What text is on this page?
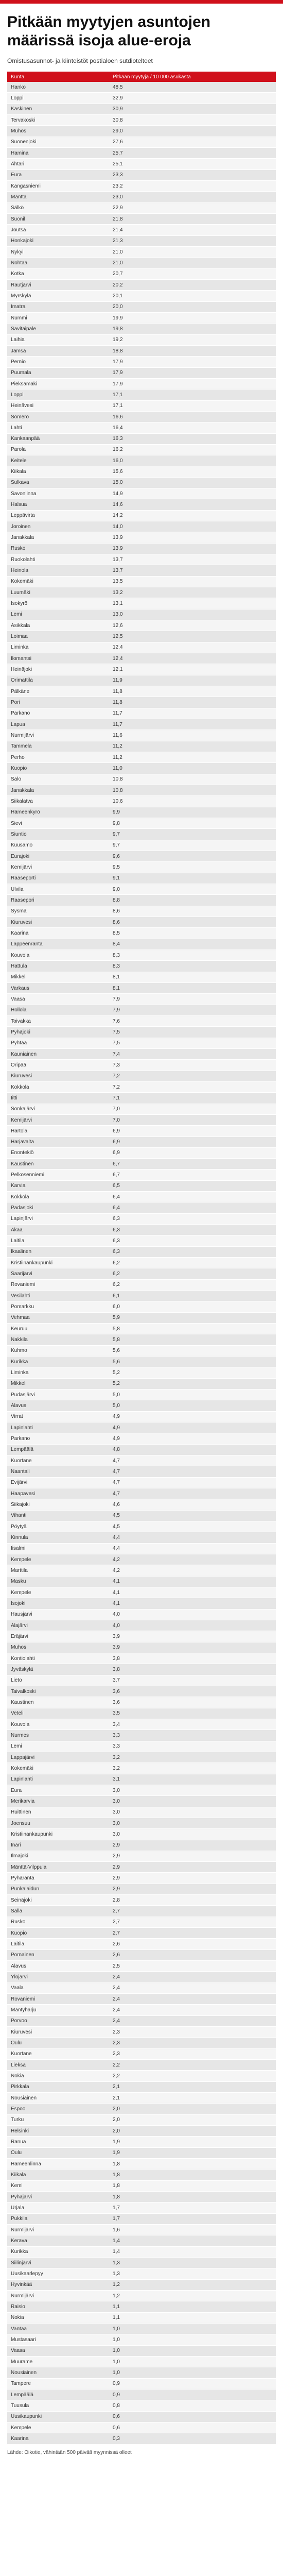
Pitkään myytyjen asuntojen määrissä isoja alue-eroja
Omistusasunnot- ja kiinteistöt postialoen sutdiotelteet
Kunta	Pitkään myytyjä / 10 000 asukasta
Hanko	48,5
Loppi	32,9
Kaskinen	30,9
Tervakoski	30,8
Muhos	29,0
Suonenjoki	27,6
Hamina	25,7
Ähtäri	25,1
Eura	23,3
Kangasniemi	23,2
Mänttä	23,0
Sälkö	22,9
Suonil	21,8
Joutsa	21,4
Honkajoki	21,3
Nykyi	21,0
Nohtaa	21,0
Kotka	20,7
Rautjärvi	20,2
Myrskylä	20,1
Imatra	20,0
Nummi	19,9
Savitaipale	19,8
Laihia	19,2
Jämsä	18,8
Pernio	17,9
Puumala	17,9
Pieksämäki	17,9
Loppi	17,1
Heinävesi	17,1
Somero	16,6
Lahti	16,4
Kankaanpää	16,3
Parola	16,2
Keitele	16,0
Kiikala	15,6
Sulkava	15,0
Savonlinna	14,9
Halsua	14,6
Leppävirta	14,2
Joroinen	14,0
Janakkala	13,9
Rusko	13,9
Ruokolahti	13,7
Heinola	13,7
Kokemäki	13,5
Luumäki	13,2
Isokyrö	13,1
Lemi	13,0
Asikkala	12,6
Loimaa	12,5
Liminka	12,4
Ilomantsi	12,4
Heinäjoki	12,1
Orimattila	11,9
Pälkäne	11,8
Pori	11,8
Parkano	11,7
Lapua	11,7
Nurmijärvi	11,6
Tammela	11,2
Perho	11,2
Kuopio	11,0
Salo	10,8
Janakkala	10,8
Siikalatva	10,6
Hämeenkyrö	9,9
Sievi	9,8
Siuntio	9,7
Kuusamo	9,7
Eurajoki	9,6
Kemijärvi	9,5
Raaseporti	9,1
Ulvila	9,0
Raasepori	8,8
Sysmä	8,6
Kiuruvesi	8,6
Kaarina	8,5
Lappeenranta	8,4
Kouvola	8,3
Hattula	8,3
Mikkeli	8,1
Varkaus	8,1
Vaasa	7,9
Hollola	7,9
Toivakka	7,6
Pyhäjoki	7,5
Pyhtää	7,5
Kauniainen	7,4
Oripää	7,3
Kiuruvesi	7,2
Kokkola	7,2
Iitti	7,1
Sonkajärvi	7,0
Kemijärvi	7,0
Hartola	6,9
Harjavalta	6,9
Enontekiö	6,9
Kaustinen	6,7
Pelkosenniemi	6,7
Karvia	6,5
Kokkola	6,4
Padasjoki	6,4
Lapinjärvi	6,3
Akaa	6,3
Laitila	6,3
Ikaalinen	6,3
Kristiinankaupunki	6,2
Saarijärvi	6,2
Rovaniemi	6,2
Vesilahti	6,1
Pomarkku	6,0
Vehmaa	5,9
Keuruu	5,8
Nakkila	5,8
Kuhmo	5,6
Kurikka	5,6
Liminka	5,2
Mikkeli	5,2
Pudasjärvi	5,0
Alavus	5,0
Virrat	4,9
Lapinlahti	4,9
Parkano	4,9
Lempäälä	4,8
Kuortane	4,7
Naantali	4,7
Evijärvi	4,7
Haapavesi	4,7
Siikajoki	4,6
Vihanti	4,5
Pöytyä	4,5
Kinnula	4,4
Iisalmi	4,4
Kempele	4,2
Marttila	4,2
Masku	4,1
Kempele	4,1
Isojoki	4,1
Hausjärvi	4,0
Alajärvi	4,0
Eräjärvi	3,9
Muhos	3,9
Kontiolahti	3,8
Jyväskylä	3,8
Lieto	3,7
Taivalkoski	3,6
Kaustinen	3,6
Veteli	3,5
Kouvola	3,4
Nurmes	3,3
Lemi	3,3
Lappajärvi	3,2
Kokemäki	3,2
Lapinlahti	3,1
Eura	3,0
Merikarvia	3,0
Huittinen	3,0
Joensuu	3,0
Kristiinankaupunki	3,0
Inari	2,9
Ilmajoki	2,9
Mänttä-Vilppula	2,9
Pyhäranta	2,9
Punkalaidun	2,9
Seinäjoki	2,8
Salla	2,7
Rusko	2,7
Kuopio	2,7
Laitila	2,6
Pornainen	2,6
Alavus	2,5
Ylöjärvi	2,4
Vaala	2,4
Rovaniemi	2,4
Mäntyharju	2,4
Porvoo	2,4
Kiuruvesi	2,3
Oulu	2,3
Kuortane	2,3
Lieksa	2,2
Nokia	2,2
Pirkkala	2,1
Nousiainen	2,1
Espoo	2,0
Turku	2,0
Helsinki	2,0
Ranua	1,9
Oulu	1,9
Hämeenlinna	1,8
Kiikala	1,8
Kemi	1,8
Pyhäjärvi	1,8
Urjala	1,7
Pukkila	1,7
Nurmijärvi	1,6
Kerava	1,4
Kurikka	1,4
Siilinjärvi	1,3
Uusikaarlepyy	1,3
Hyvinkää	1,2
Nurmijärvi	1,2
Raisio	1,1
Nokia	1,1
Vantaa	1,0
Mustasaari	1,0
Vaasa	1,0
Muurame	1,0
Nousiainen	1,0
Tampere	0,9
Lempäälä	0,9
Tuusula	0,8
Uusikaupunki	0,6
Kempele	0,6
Kaarina	0,3
Lähde: Oikotie, vähintään 500 päivää myynnissä olleet
